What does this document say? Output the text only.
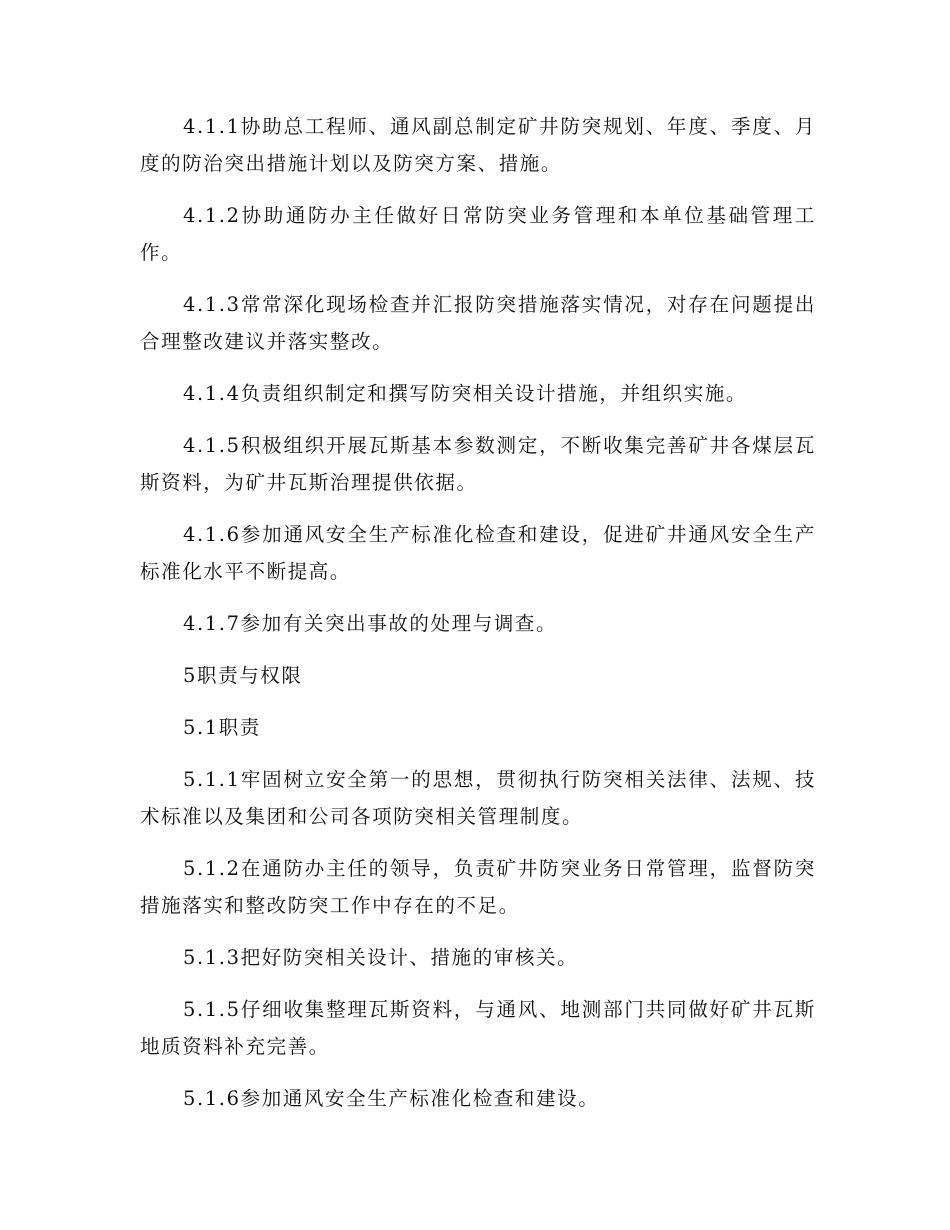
4.1.1协助总工程师、通风副总制定矿井防突规划、年度、季度、月度的防治突出措施计划以及防突方案、措施。

4.1.2协助通防办主任做好日常防突业务管理和本单位基础管理工作。

4.1.3常常深化现场检查并汇报防突措施落实情况，对存在问题提出合理整改建议并落实整改。

4.1.4负责组织制定和撰写防突相关设计措施，并组织实施。

4.1.5积极组织开展瓦斯基本参数测定，不断收集完善矿井各煤层瓦斯资料，为矿井瓦斯治理提供依据。

4.1.6参加通风安全生产标准化检查和建设，促进矿井通风安全生产标准化水平不断提高。

4.1.7参加有关突出事故的处理与调查。

5职责与权限

5.1职责

5.1.1牢固树立安全第一的思想，贯彻执行防突相关法律、法规、技术标准以及集团和公司各项防突相关管理制度。

5.1.2在通防办主任的领导，负责矿井防突业务日常管理，监督防突措施落实和整改防突工作中存在的不足。

5.1.3把好防突相关设计、措施的审核关。

5.1.5仔细收集整理瓦斯资料，与通风、地测部门共同做好矿井瓦斯地质资料补充完善。

5.1.6参加通风安全生产标准化检查和建设。
